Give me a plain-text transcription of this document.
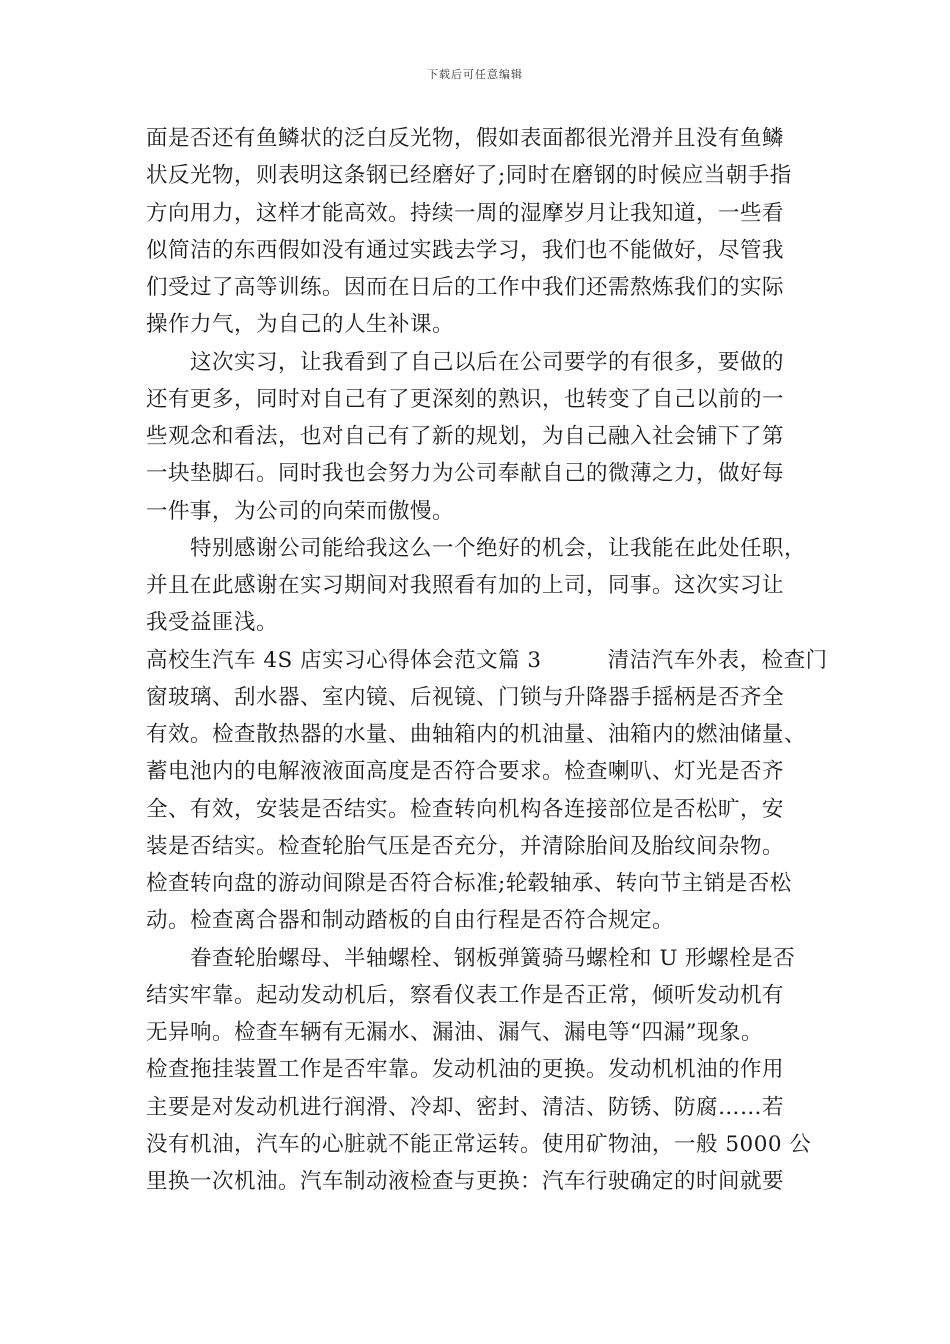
下载后可任意编辑
面是否还有鱼鳞状的泛白反光物，假如表面都很光滑并且没有鱼鳞
状反光物，则表明这条钢已经磨好了;同时在磨钢的时候应当朝手指
方向用力，这样才能高效。持续一周的湿摩岁月让我知道，一些看
似简洁的东西假如没有通过实践去学习，我们也不能做好，尽管我
们受过了高等训练。因而在日后的工作中我们还需熬炼我们的实际
操作力气，为自己的人生补课。
　　这次实习，让我看到了自己以后在公司要学的有很多，要做的
还有更多，同时对自己有了更深刻的熟识，也转变了自己以前的一
些观念和看法，也对自己有了新的规划，为自己融入社会铺下了第
一块垫脚石。同时我也会努力为公司奉献自己的微薄之力，做好每
一件事，为公司的向荣而傲慢。
　　特别感谢公司能给我这么一个绝好的机会，让我能在此处任职，
并且在此感谢在实习期间对我照看有加的上司，同事。这次实习让
我受益匪浅。
高校生汽车 4S 店实习心得体会范文篇 3　　　清洁汽车外表，检查门
窗玻璃、刮水器、室内镜、后视镜、门锁与升降器手摇柄是否齐全
有效。检查散热器的水量、曲轴箱内的机油量、油箱内的燃油储量、
蓄电池内的电解液液面高度是否符合要求。检查喇叭、灯光是否齐
全、有效，安装是否结实。检查转向机构各连接部位是否松旷，安
装是否结实。检查轮胎气压是否充分，并清除胎间及胎纹间杂物。
检查转向盘的游动间隙是否符合标准;轮毂轴承、转向节主销是否松
动。检查离合器和制动踏板的自由行程是否符合规定。
　　眷查轮胎螺母、半轴螺栓、钢板弹簧骑马螺栓和 U 形螺栓是否
结实牢靠。起动发动机后，察看仪表工作是否正常，倾听发动机有
无异响。检查车辆有无漏水、漏油、漏气、漏电等“四漏”现象。
检查拖挂装置工作是否牢靠。发动机油的更换。发动机机油的作用
主要是对发动机进行润滑、冷却、密封、清洁、防锈、防腐……若
没有机油，汽车的心脏就不能正常运转。使用矿物油，一般 5000 公
里换一次机油。汽车制动液检查与更换：汽车行驶确定的时间就要
